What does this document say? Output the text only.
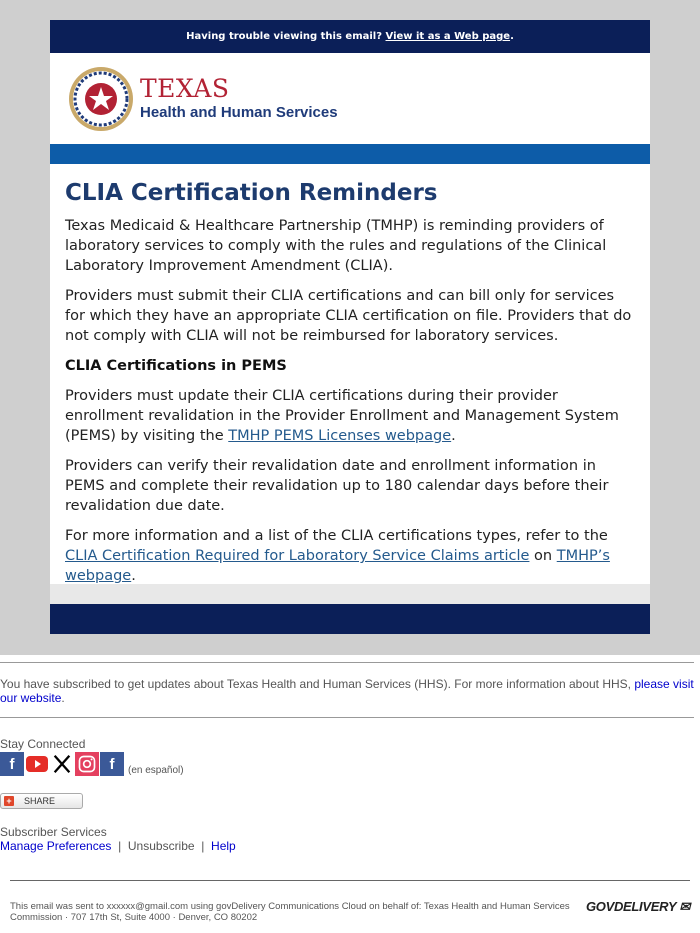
Having trouble viewing this email? View it as a Web page.
TEXAS
Health and Human Services
CLIA Certification Reminders

Texas Medicaid & Healthcare Partnership (TMHP) is reminding providers of laboratory services to comply with the rules and regulations of the Clinical Laboratory Improvement Amendment (CLIA).

Providers must submit their CLIA certifications and can bill only for services for which they have an appropriate CLIA certification on file. Providers that do not comply with CLIA will not be reimbursed for laboratory services.

CLIA Certifications in PEMS

Providers must update their CLIA certifications during their provider enrollment revalidation in the Provider Enrollment and Management System (PEMS) by visiting the TMHP PEMS Licenses webpage.

Providers can verify their revalidation date and enrollment information in PEMS and complete their revalidation up to 180 calendar days before their revalidation due date.

For more information and a list of the CLIA certifications types, refer to the CLIA Certification Required for Laboratory Service Claims article on TMHP’s webpage.

You have subscribed to get updates about Texas Health and Human Services (HHS). For more information about HHS, please visit our website.
Stay Connected
f	f	(en español)
+ SHARE
Subscriber Services
Manage Preferences | Unsubscribe | Help
This email was sent to xxxxxx@gmail.com using govDelivery Communications Cloud on behalf of: Texas Health and Human Services Commission · 707 17th St, Suite 4000 · Denver, CO 80202
GOVDELIVERY ✉
